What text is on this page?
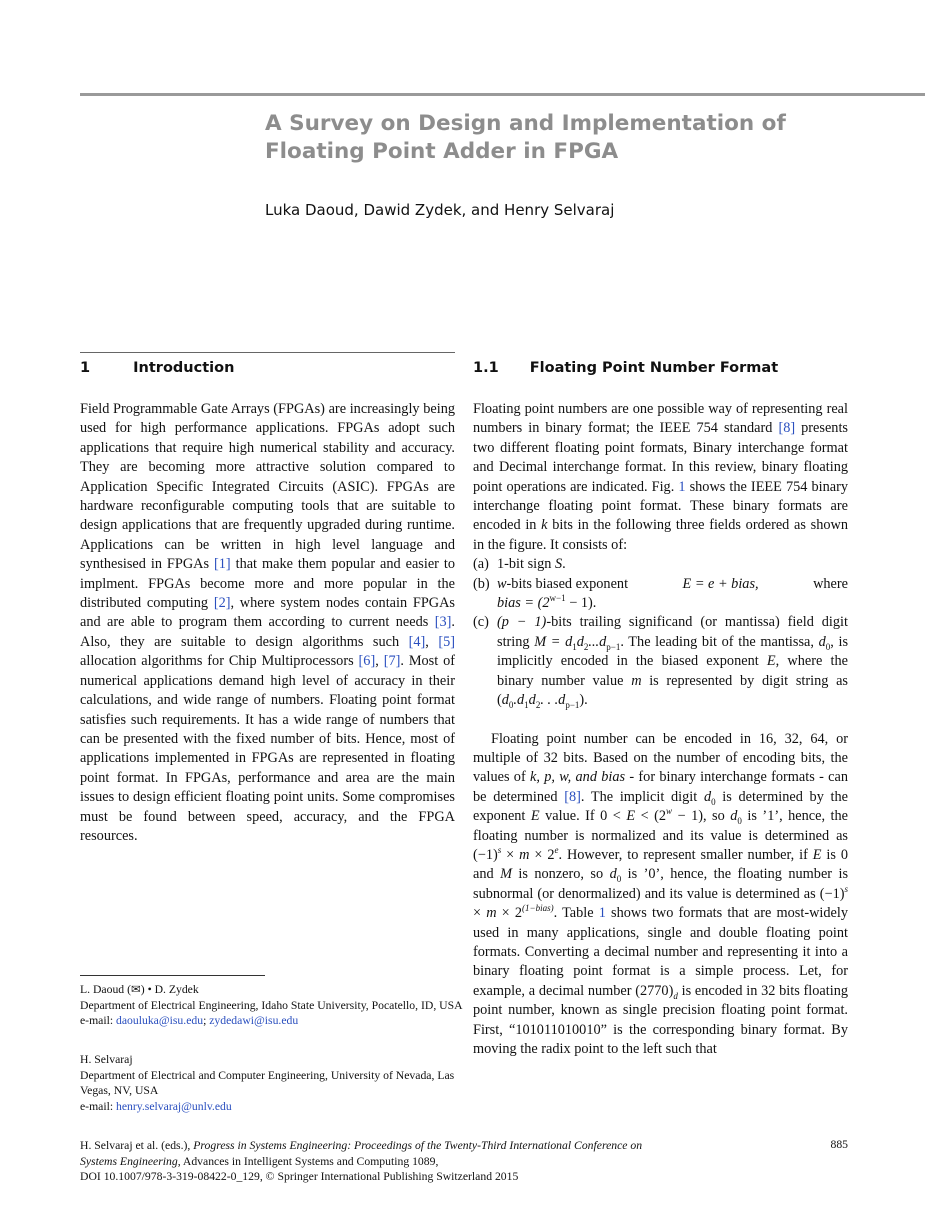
A Survey on Design and Implementation of Floating Point Adder in FPGA
Luka Daoud, Dawid Zydek, and Henry Selvaraj
1	Introduction	1.1 Floating Point Number Format

Field Programmable Gate Arrays (FPGAs) are increasingly being used for high performance applications. FPGAs adopt such applications that require high numerical stability and accuracy. They are becoming more attractive solution compared to Application Specific Integrated Circuits (ASIC). FPGAs are hardware reconfigurable computing tools that are suitable to design applications that are frequently upgraded during runtime. Applications can be written in high level language and synthesised in FPGAs [1] that make them popular and easier to implment. FPGAs become more and more popular in the distributed computing [2], where system nodes contain FPGAs and are able to program them according to current needs [3]. Also, they are suitable to design algorithms such [4], [5] allocation algorithms for Chip Multiprocessors [6], [7]. Most of numerical applications demand high level of accuracy in their calculations, and wide range of numbers. Floating point format satisfies such requirements. It has a wide range of numbers that can be presented with the fixed number of bits. Hence, most of applications implemented in FPGAs are represented in floating point format. In FPGAs, performance and area are the main issues to design efficient floating point units. Some compromises must be found between speed, accuracy, and the FPGA resources.

Floating point numbers are one possible way of representing real numbers in binary format; the IEEE 754 standard [8] presents two different floating point formats, Binary interchange format and Decimal interchange format. In this review, binary floating point operations are indicated. Fig. 1 shows the IEEE 754 binary interchange floating point format. These binary formats are encoded in k bits in the following three fields ordered as shown in the figure. It consists of:

(a) 1-bit sign S.
(b) w-bits biased exponent	E = e + bias,	where
bias = $(2^{w-1} - 1)$.
(c) (p − 1)-bits trailing significand (or mantissa) field digit string $M = d_1d_2...d_{p-1}$. The leading bit of the mantissa, $d_0$, is implicitly encoded in the biased exponent E, where the binary number value m is represented by digit string as ($d_0.d_1d_2$. . $.d_{p-1}$).

Floating point number can be encoded in 16, 32, 64, or multiple of 32 bits. Based on the number of encoding bits, the values of k, p, w, and bias - for binary interchange formats - can be determined [8]. The implicit digit $d_0$ is determined by the exponent E value. If $0 < E < (2^w - 1)$, so $d_0$ is ’1’, hence, the floating number is normalized and its value is determined as $(-1)^s \times m \times 2^e$. However, to represent smaller number, if E is 0 and M is nonzero, so $d_0$ is ’0’, hence, the floating number is subnormal (or denormalized) and its value is determined as $(-1)^s \times m \times 2^{(1-bias)}$. Table 1 shows two formats that are most-widely used in many applications, single and double floating point formats. Converting a decimal number and representing it into a binary floating point format is a simple process. Let, for example, a decimal number $(2770)_d$ is encoded in 32 bits floating point number, known as single precision floating point format. First, “101011010010” is the corresponding binary format. By moving the radix point to the left such that

L. Daoud (✉) • D. Zydek

Department of Electrical Engineering, Idaho State University, Pocatello, ID, USA

e-mail: daouluka@isu.edu; zydedawi@isu.edu

H. Selvaraj

Department of Electrical and Computer Engineering, University of Nevada, Las Vegas, NV, USA

e-mail: henry.selvaraj@unlv.edu

H. Selvaraj et al. (eds.), Progress in Systems Engineering: Proceedings of the Twenty-Third International Conference on Systems Engineering, Advances in Intelligent Systems and Computing 1089,

DOI 10.1007/978-3-319-08422-0_129, © Springer International Publishing Switzerland 2015

885
